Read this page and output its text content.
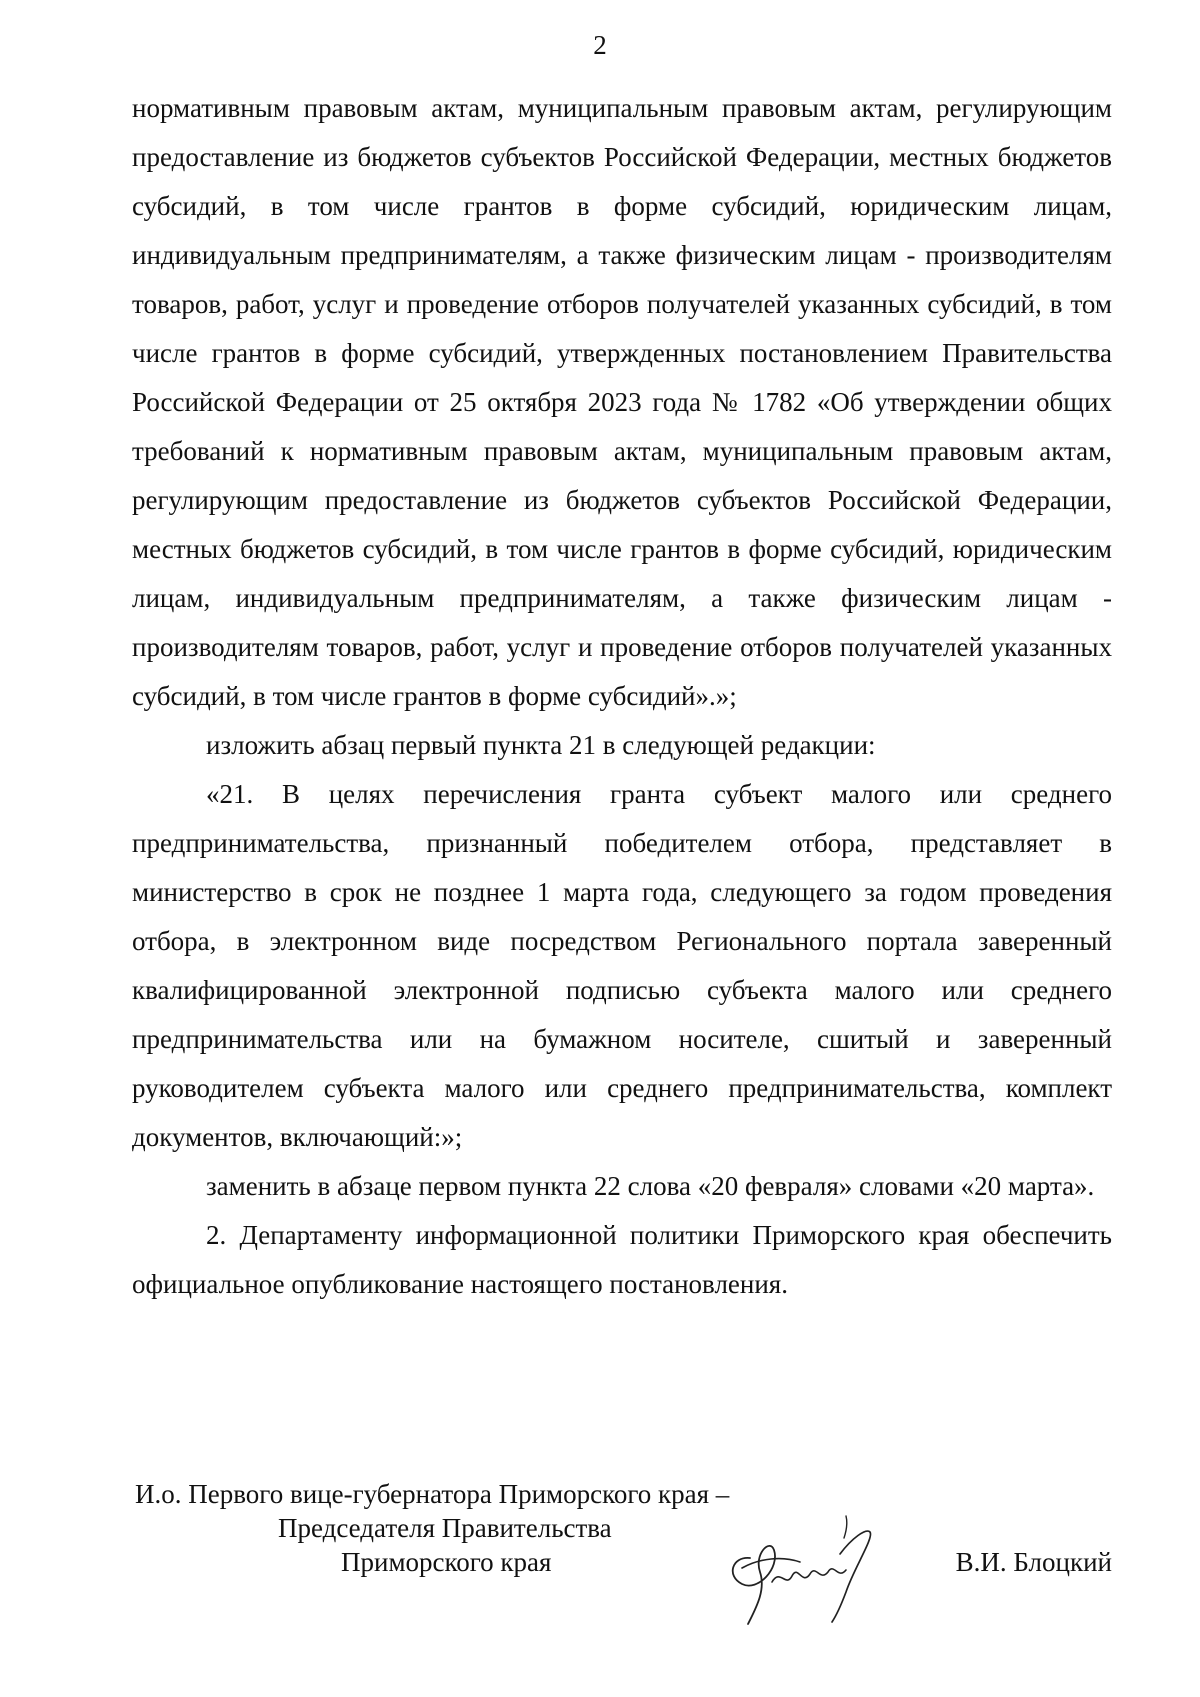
2

нормативным правовым актам, муниципальным правовым актам, регулирующим предоставление из бюджетов субъектов Российской Федерации, местных бюджетов субсидий, в том числе грантов в форме субсидий, юридическим лицам, индивидуальным предпринимателям, а также физическим лицам - производителям товаров, работ, услуг и проведение отборов получателей указанных субсидий, в том числе грантов в форме субсидий, утвержденных постановлением Правительства Российской Федерации от 25 октября 2023 года № 1782 «Об утверждении общих требований к нормативным правовым актам, муниципальным правовым актам, регулирующим предоставление из бюджетов субъектов Российской Федерации, местных бюджетов субсидий, в том числе грантов в форме субсидий, юридическим лицам, индивидуальным предпринимателям, а также физическим лицам - производителям товаров, работ, услуг и проведение отборов получателей указанных субсидий, в том числе грантов в форме субсидий».»;

изложить абзац первый пункта 21 в следующей редакции:

«21. В целях перечисления гранта субъект малого или среднего предпринимательства, признанный победителем отбора, представляет в министерство в срок не позднее 1 марта года, следующего за годом проведения отбора, в электронном виде посредством Регионального портала заверенный квалифицированной электронной подписью субъекта малого или среднего предпринимательства или на бумажном носителе, сшитый и заверенный руководителем субъекта малого или среднего предпринимательства, комплект документов, включающий:»;

заменить в абзаце первом пункта 22 слова «20 февраля» словами «20 марта».

2. Департаменту информационной политики Приморского края обеспечить официальное опубликование настоящего постановления.

И.о. Первого вице-губернатора Приморского края –
Председателя Правительства
Приморского края	В.И. Блоцкий
